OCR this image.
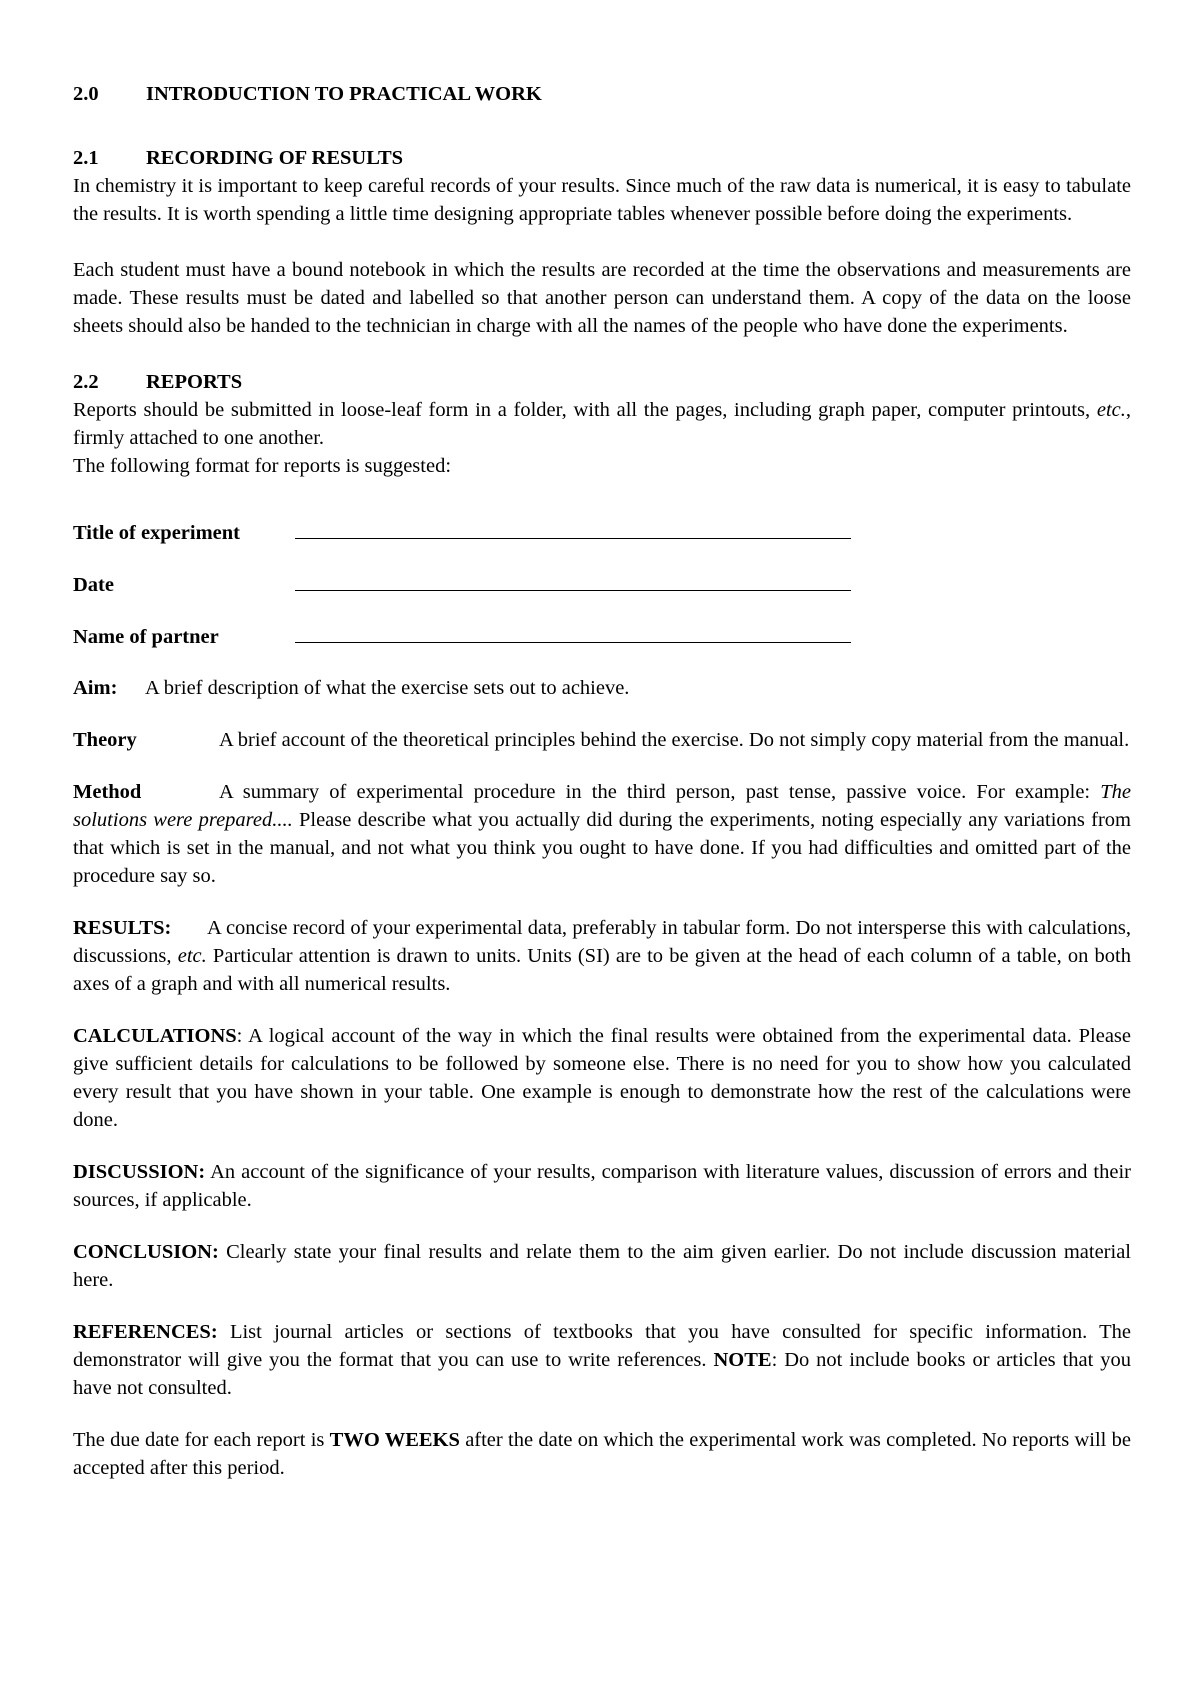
2.0 INTRODUCTION TO PRACTICAL WORK
2.1 RECORDING OF RESULTS

In chemistry it is important to keep careful records of your results. Since much of the raw data is numerical, it is easy to tabulate the results. It is worth spending a little time designing appropriate tables whenever possible before doing the experiments.

Each student must have a bound notebook in which the results are recorded at the time the observations and measurements are made. These results must be dated and labelled so that another person can understand them. A copy of the data on the loose sheets should also be handed to the technician in charge with all the names of the people who have done the experiments.

2.2 REPORTS

Reports should be submitted in loose-leaf form in a folder, with all the pages, including graph paper, computer printouts, etc., firmly attached to one another.

The following format for reports is suggested:

Title of experiment
Date
Name of partner

Aim: A brief description of what the exercise sets out to achieve.

Theory	A brief account of the theoretical principles behind the exercise. Do not simply copy material from the manual.

Method	A summary of experimental procedure in the third person, past tense, passive voice. For example: The solutions were prepared.... Please describe what you actually did during the experiments, noting especially any variations from that which is set in the manual, and not what you think you ought to have done. If you had difficulties and omitted part of the procedure say so.

RESULTS: A concise record of your experimental data, preferably in tabular form. Do not intersperse this with calculations, discussions, etc. Particular attention is drawn to units. Units (SI) are to be given at the head of each column of a table, on both axes of a graph and with all numerical results.

CALCULATIONS: A logical account of the way in which the final results were obtained from the experimental data. Please give sufficient details for calculations to be followed by someone else. There is no need for you to show how you calculated every result that you have shown in your table. One example is enough to demonstrate how the rest of the calculations were done.

DISCUSSION: An account of the significance of your results, comparison with literature values, discussion of errors and their sources, if applicable.

CONCLUSION: Clearly state your final results and relate them to the aim given earlier. Do not include discussion material here.

REFERENCES: List journal articles or sections of textbooks that you have consulted for specific information. The demonstrator will give you the format that you can use to write references. NOTE: Do not include books or articles that you have not consulted.

The due date for each report is TWO WEEKS after the date on which the experimental work was completed. No reports will be accepted after this period.
